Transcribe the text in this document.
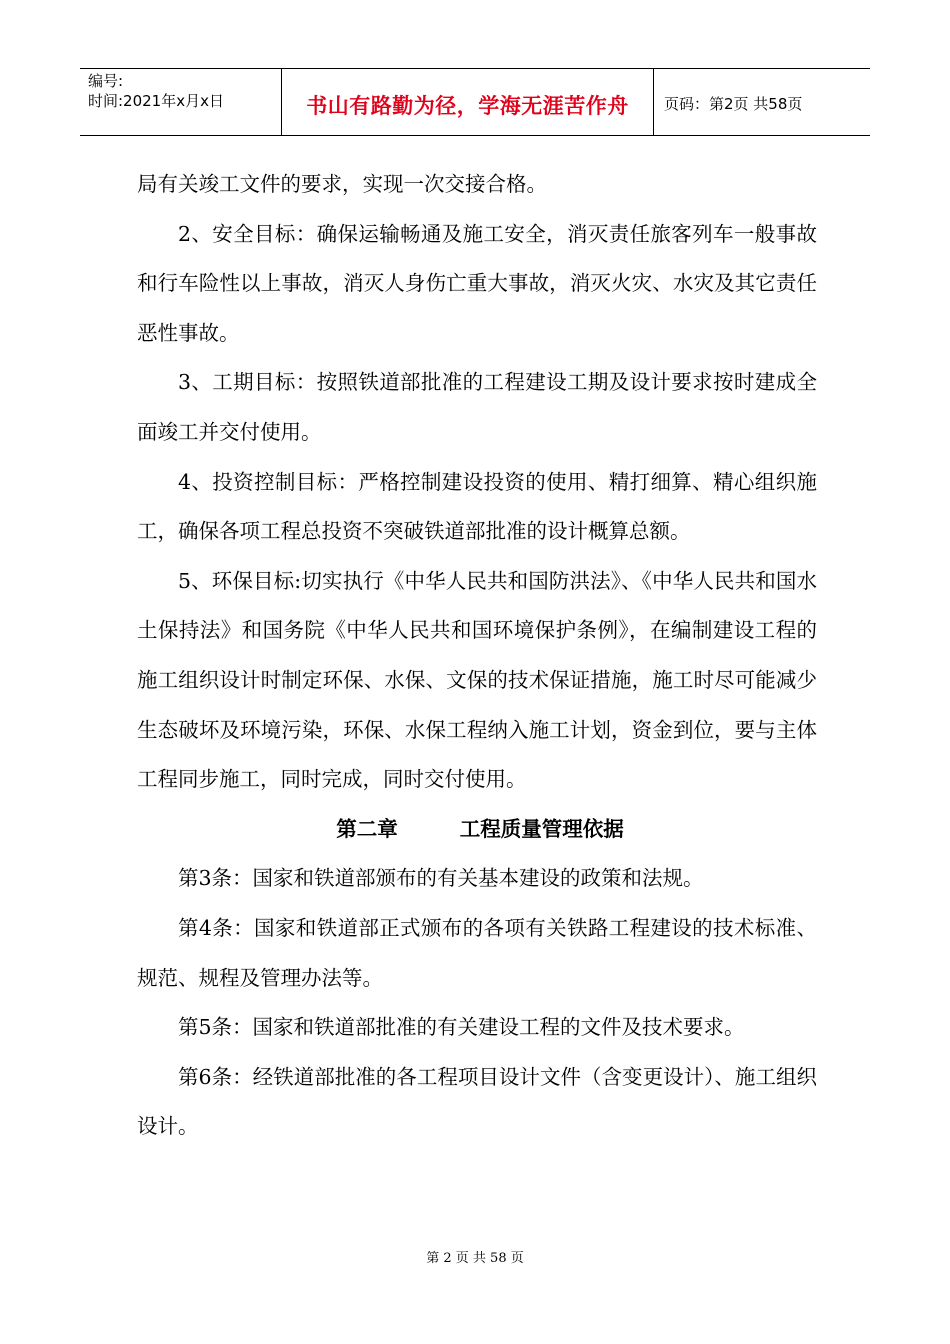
编号:
时间:2021年x月x日	书山有路勤为径，学海无涯苦作舟 页码：第2页 共58页

局有关竣工文件的要求，实现一次交接合格。

2、安全目标：确保运输畅通及施工安全，消灭责任旅客列车一般事故和行车险性以上事故，消灭人身伤亡重大事故，消灭火灾、水灾及其它责任恶性事故。

3、工期目标：按照铁道部批准的工程建设工期及设计要求按时建成全面竣工并交付使用。

4、投资控制目标：严格控制建设投资的使用、精打细算、精心组织施工，确保各项工程总投资不突破铁道部批准的设计概算总额。

5、环保目标:切实执行《中华人民共和国防洪法》、《中华人民共和国水土保持法》和国务院《中华人民共和国环境保护条例》，在编制建设工程的施工组织设计时制定环保、水保、文保的技术保证措施，施工时尽可能减少生态破坏及环境污染，环保、水保工程纳入施工计划，资金到位，要与主体工程同步施工，同时完成，同时交付使用。

第二章	工程质量管理依据

第3条：国家和铁道部颁布的有关基本建设的政策和法规。

第4条：国家和铁道部正式颁布的各项有关铁路工程建设的技术标准、规范、规程及管理办法等。

第5条：国家和铁道部批准的有关建设工程的文件及技术要求。

第6条：经铁道部批准的各工程项目设计文件（含变更设计）、施工组织设计。

第 2 页 共 58 页
